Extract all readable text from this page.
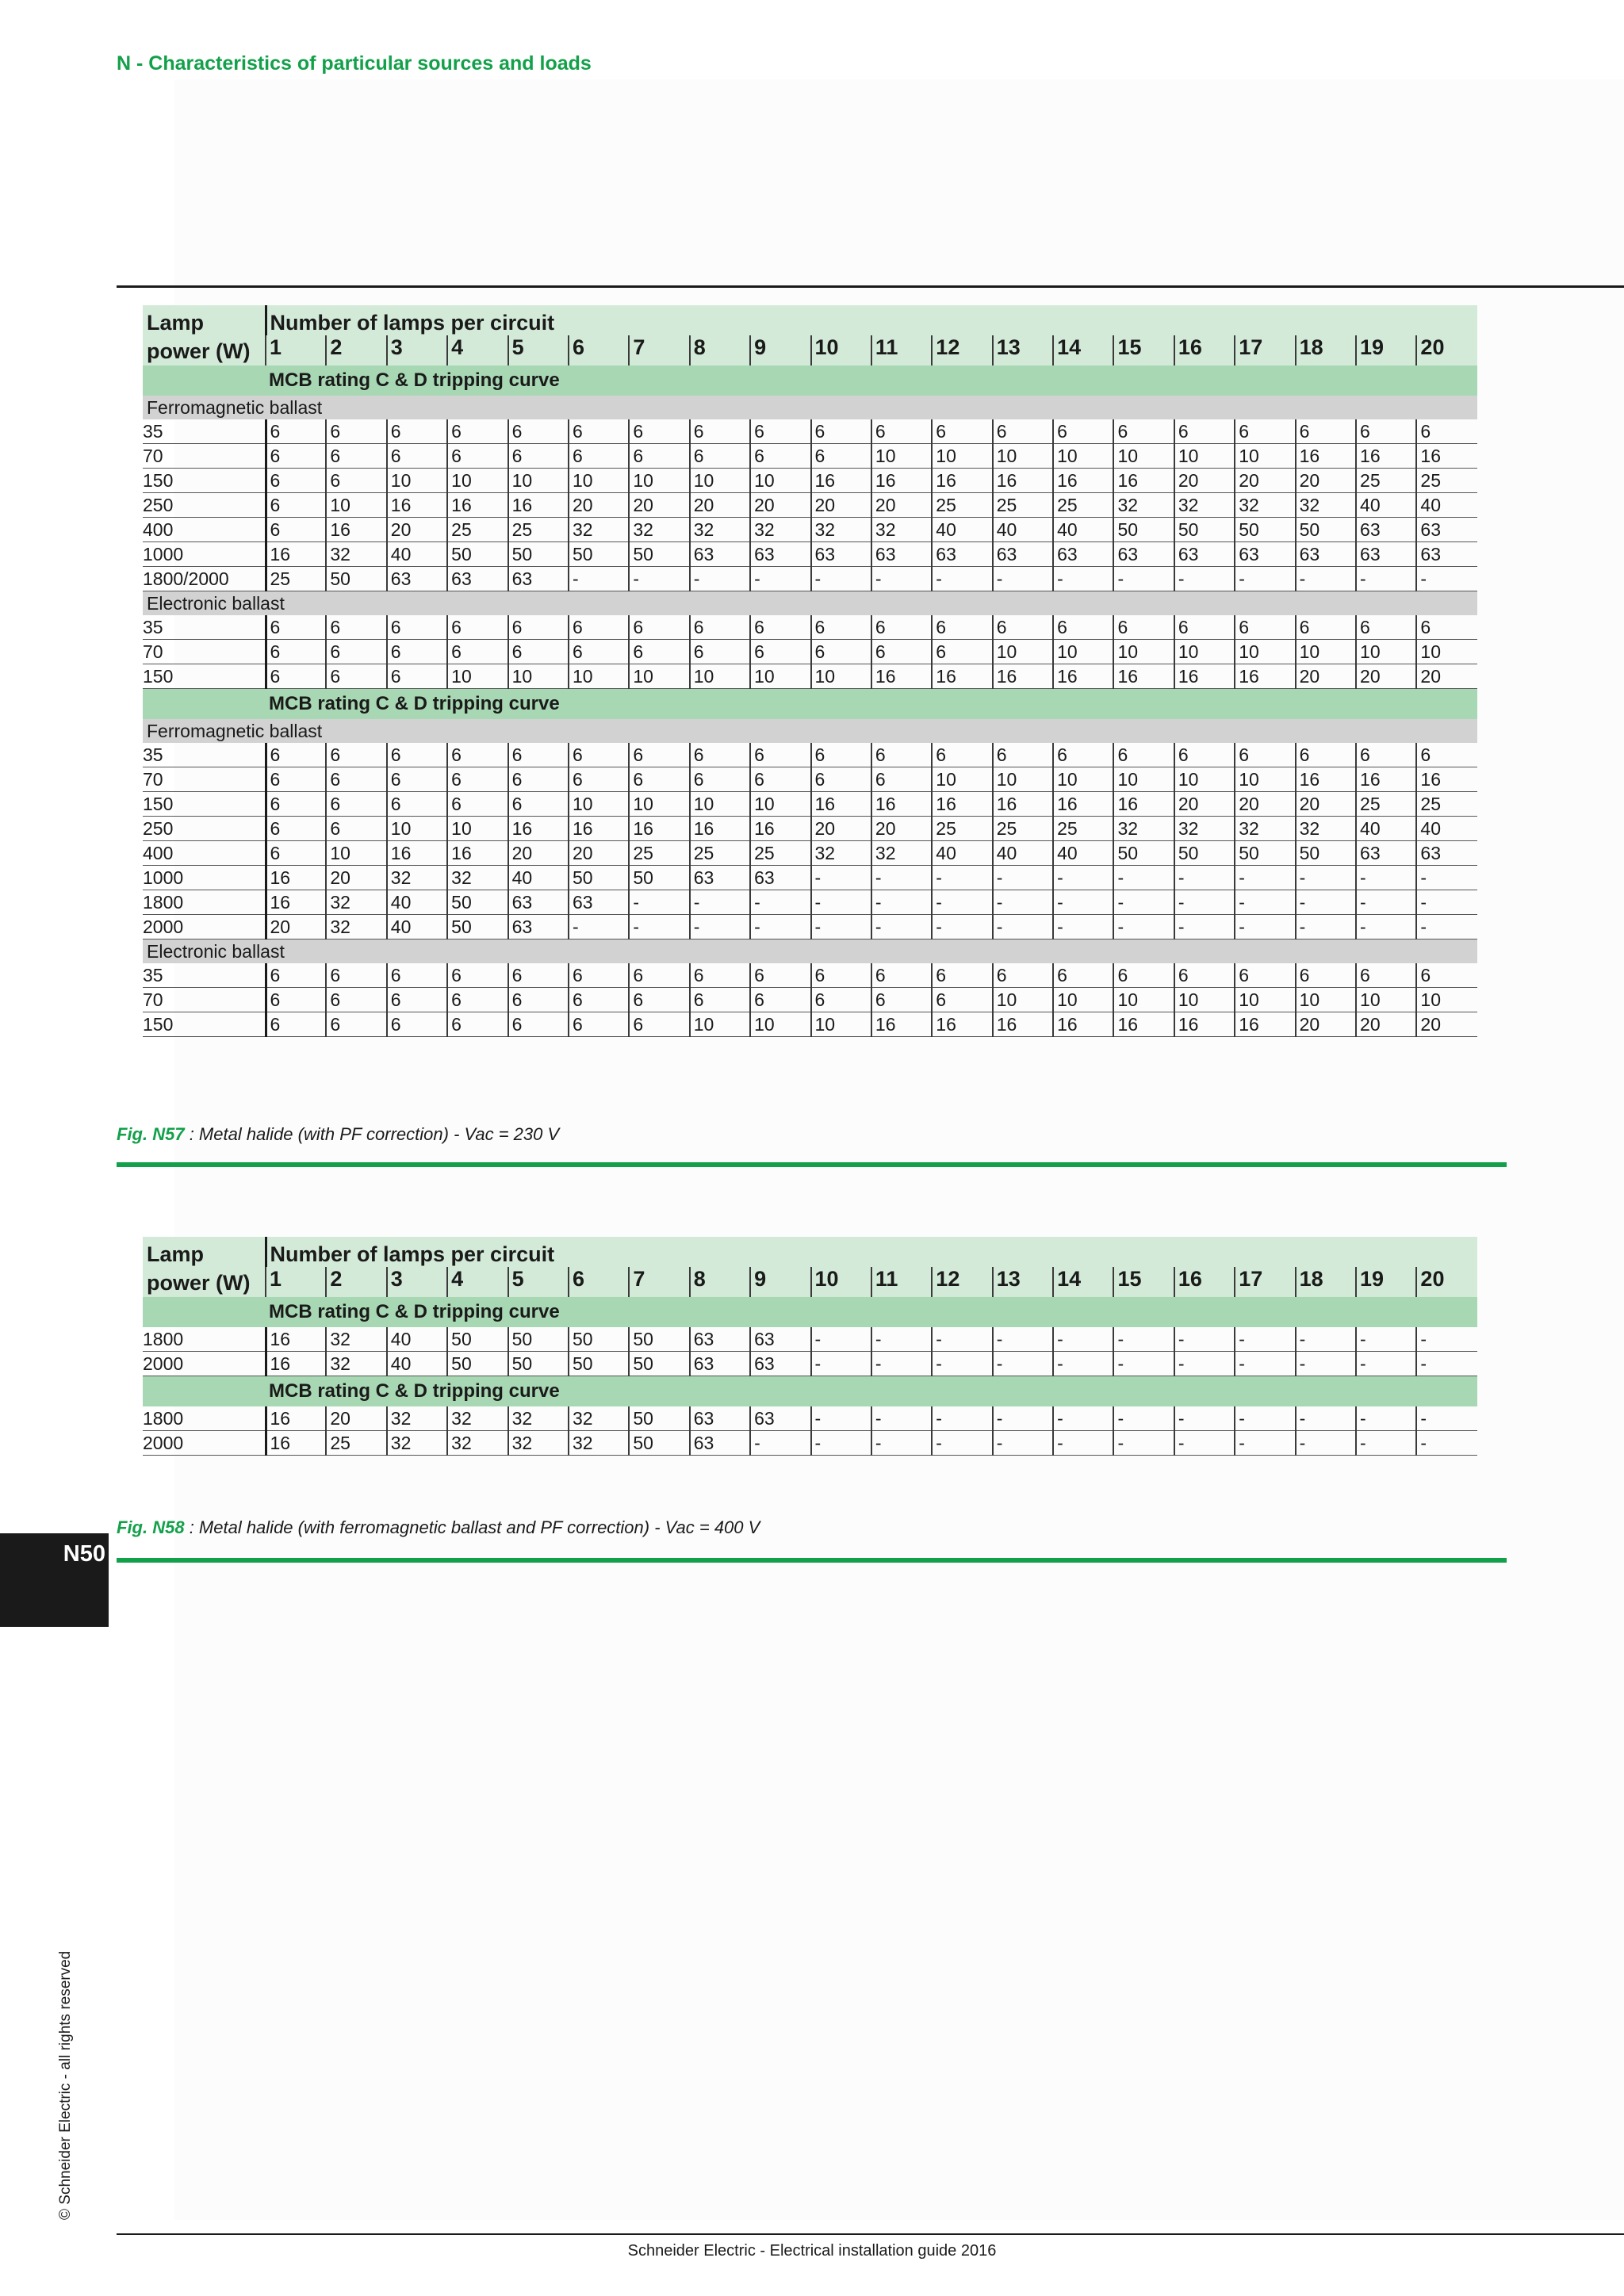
N - Characteristics of particular sources and loads
Lamp
power (W)	Number of lamps per circuit																			
	1	2	3	4	5	6	7	8	9	10	11	12	13	14	15	16	17	18	19	20
	MCB rating C & D tripping curve																			
Ferromagnetic ballast																				
35	6	6	6	6	6	6	6	6	6	6	6	6	6	6	6	6	6	6	6	6
70	6	6	6	6	6	6	6	6	6	6	10	10	10	10	10	10	10	16	16	16
150	6	6	10	10	10	10	10	10	10	16	16	16	16	16	16	20	20	20	25	25
250	6	10	16	16	16	20	20	20	20	20	20	25	25	25	32	32	32	32	40	40
400	6	16	20	25	25	32	32	32	32	32	32	40	40	40	50	50	50	50	63	63
1000	16	32	40	50	50	50	50	63	63	63	63	63	63	63	63	63	63	63	63	63
1800/2000	25	50	63	63	63	-	-	-	-	-	-	-	-	-	-	-	-	-	-	-
Electronic ballast																				
35	6	6	6	6	6	6	6	6	6	6	6	6	6	6	6	6	6	6	6	6
70	6	6	6	6	6	6	6	6	6	6	6	6	10	10	10	10	10	10	10	10
150	6	6	6	10	10	10	10	10	10	10	16	16	16	16	16	16	16	20	20	20
	MCB rating C & D tripping curve																			
Ferromagnetic ballast																				
35	6	6	6	6	6	6	6	6	6	6	6	6	6	6	6	6	6	6	6	6
70	6	6	6	6	6	6	6	6	6	6	6	10	10	10	10	10	10	16	16	16
150	6	6	6	6	6	10	10	10	10	16	16	16	16	16	16	20	20	20	25	25
250	6	6	10	10	16	16	16	16	16	20	20	25	25	25	32	32	32	32	40	40
400	6	10	16	16	20	20	25	25	25	32	32	40	40	40	50	50	50	50	63	63
1000	16	20	32	32	40	50	50	63	63	-	-	-	-	-	-	-	-	-	-	-
1800	16	32	40	50	63	63	-	-	-	-	-	-	-	-	-	-	-	-	-	-
2000	20	32	40	50	63	-	-	-	-	-	-	-	-	-	-	-	-	-	-	-
Electronic ballast																				
35	6	6	6	6	6	6	6	6	6	6	6	6	6	6	6	6	6	6	6	6
70	6	6	6	6	6	6	6	6	6	6	6	6	10	10	10	10	10	10	10	10
150	6	6	6	6	6	6	6	10	10	10	16	16	16	16	16	16	16	20	20	20
Fig. N57 : Metal halide (with PF correction) - Vac = 230 V
Lamp
power (W)	Number of lamps per circuit																			
	1	2	3	4	5	6	7	8	9	10	11	12	13	14	15	16	17	18	19	20
	MCB rating C & D tripping curve																			
1800	16	32	40	50	50	50	50	63	63	-	-	-	-	-	-	-	-	-	-	-
2000	16	32	40	50	50	50	50	63	63	-	-	-	-	-	-	-	-	-	-	-
	MCB rating C & D tripping curve																			
1800	16	20	32	32	32	32	50	63	63	-	-	-	-	-	-	-	-	-	-	-
2000	16	25	32	32	32	32	50	63	-	-	-	-	-	-	-	-	-	-	-	-
Fig. N58 : Metal halide (with ferromagnetic ballast and PF correction) - Vac = 400 V
N50
© Schneider Electric - all rights reserved
Schneider Electric - Electrical installation guide 2016
